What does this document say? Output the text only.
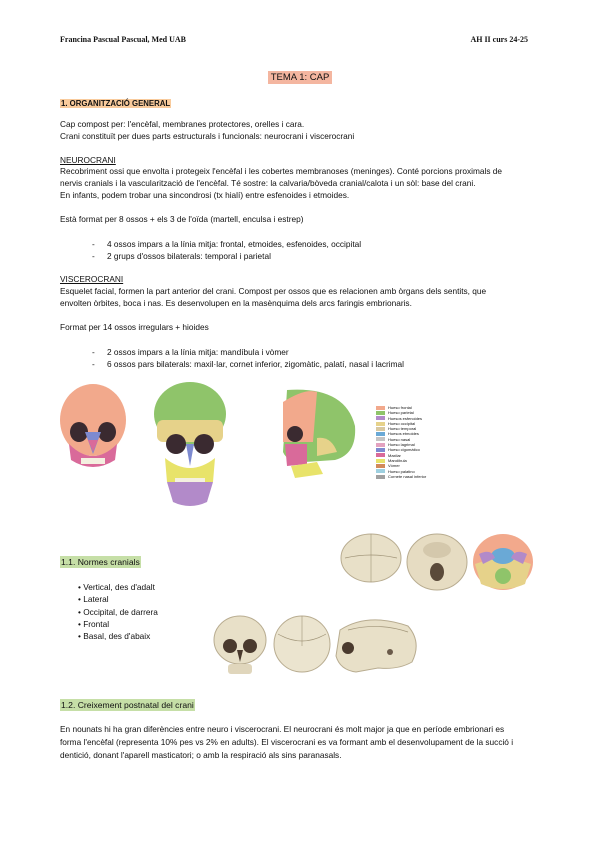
Francina Pascual Pascual, Med UAB	AH II curs 24-25
TEMA 1: CAP
1. ORGANITZACIÓ GENERAL
Cap compost per: l'encèfal, membranes protectores, orelles i cara.
Crani constituït per dues parts estructurals i funcionals: neurocrani i viscerocrani
NEUROCRANI
Recobriment ossi que envolta i protegeix l'encèfal i les cobertes membranoses (meninges). Conté porcions proximals de
nervis cranials i la vascularització de l'encèfal. Té sostre: la calvaria/bòveda cranial/calota i un sòl: base del crani.
En infants, podem trobar una sincondrosi (tx hialí) entre esfenoides i etmoides.
Està format per 8 ossos + els 3 de l'oïda (martell, enculsa i estrep)
- 4 ossos impars a la línia mitja: frontal, etmoides, esfenoides, occipital
- 2 grups d'ossos bilaterals: temporal i parietal
VISCEROCRANI
Esquelet facial, formen la part anterior del crani. Compost per ossos que es relacionen amb òrgans dels sentits, que
envolten òrbites, boca i nas. Es desenvolupen en la masènquima dels arcs faringis embrionaris.
Format per 14 ossos irregulars + hioides
- 2 ossos impars a la línia mitja: mandíbula i vòmer
- 6 ossos pars bilaterals: maxil·lar, cornet inferior, zigomàtic, palatí, nasal i lacrimal
Hueso frontal
Hueso parietal
Huesos esfenoides
Hueso occipital
Hueso temporal
Huesos etmoides
Hueso nasal
Hueso lagrimal
Hueso cigomático
Maxilar
Mandíbula
Vómer
Hueso palatino
Cornete nasal inferior
1.1. Normes cranials
• Vertical, des d'adalt
• Lateral
• Occipital, de darrera
• Frontal
• Basal, des d'abaix
1.2. Creixement postnatal del crani
En nounats hi ha gran diferències entre neuro i viscerocrani. El neurocrani és molt major ja que en període embrionari es
forma l'encèfal (representa 10% pes vs 2% en adults). El viscerocrani es va formant amb el desenvolupament de la succió i
dentició, donant l'aparell masticatori; o amb la respiració als sins paranasals.
